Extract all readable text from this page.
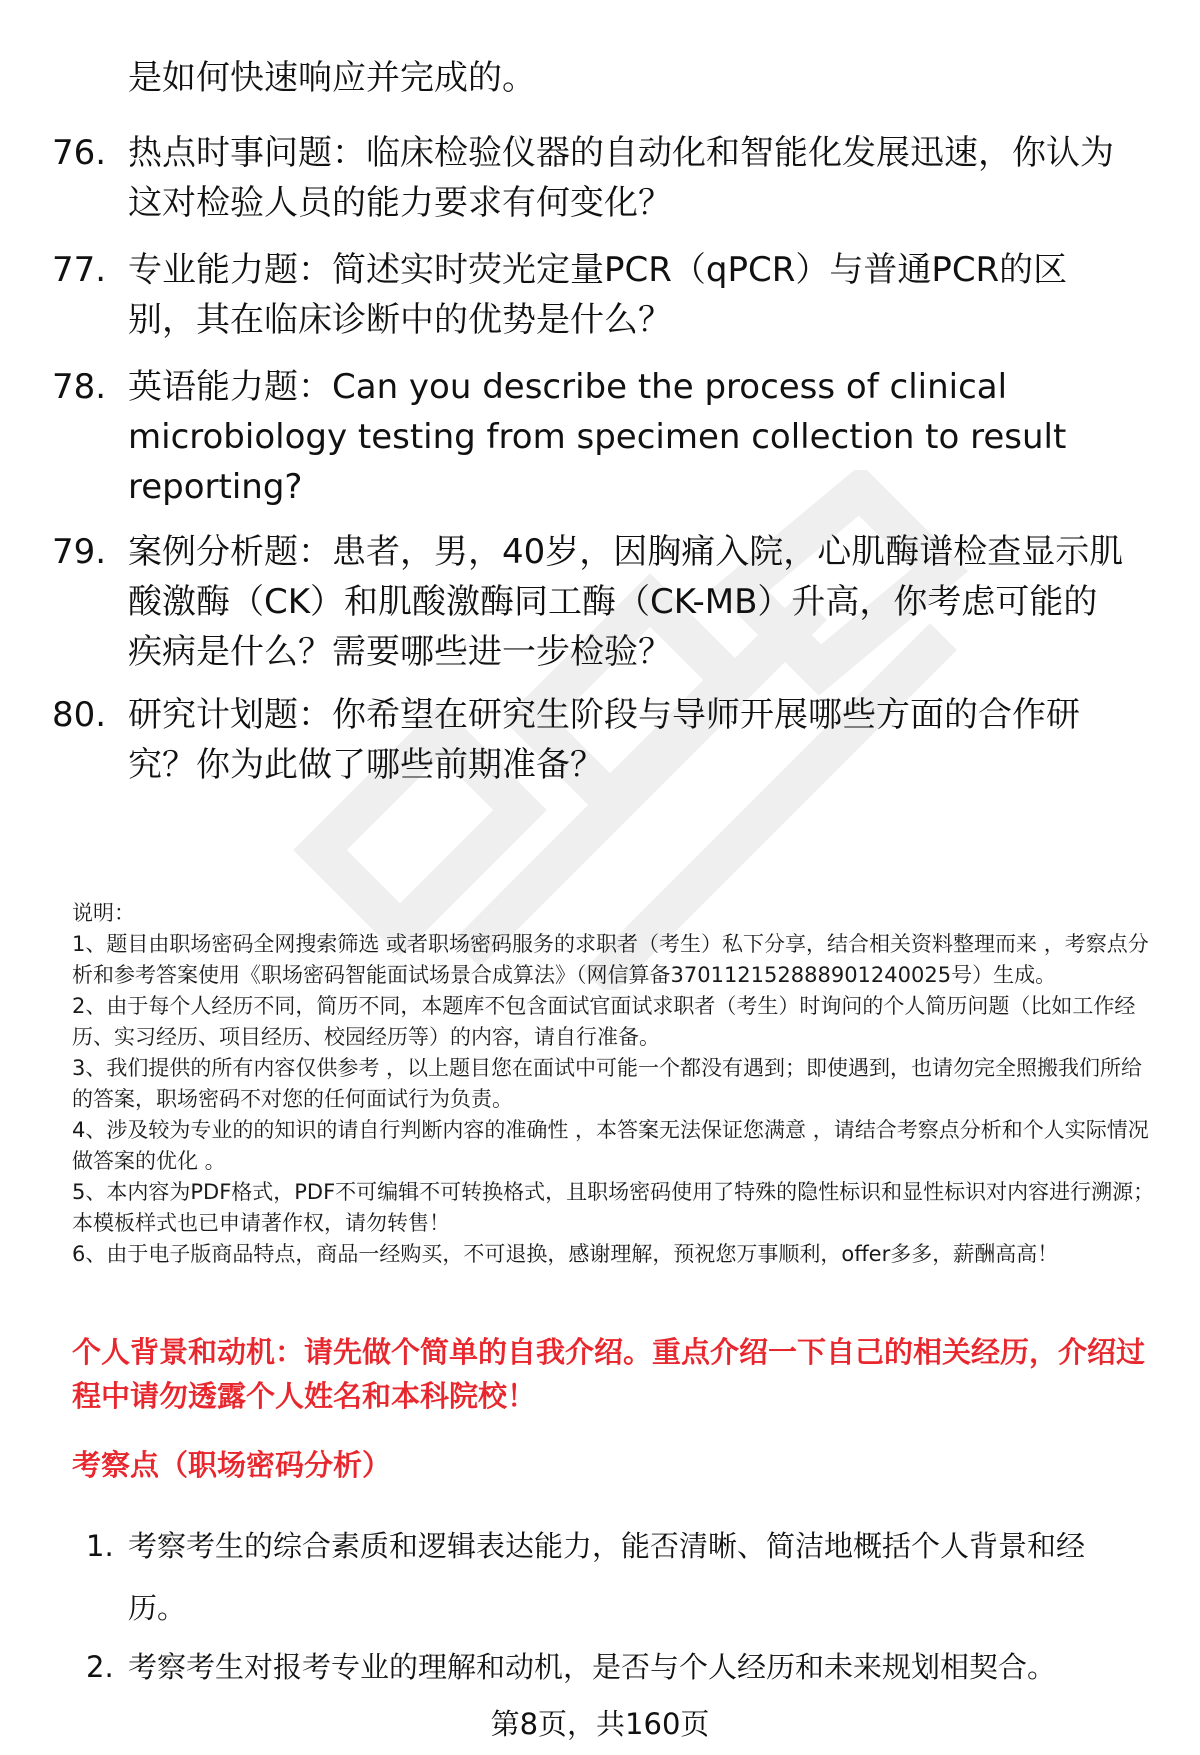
是如何快速响应并完成的。
76. 热点时事问题：临床检验仪器的自动化和智能化发展迅速，你认为这对检验人员的能力要求有何变化？
77. 专业能力题：简述实时荧光定量PCR（qPCR）与普通PCR的区别，其在临床诊断中的优势是什么？
78. 英语能力题：Can you describe the process of clinical microbiology testing from specimen collection to result reporting?
79. 案例分析题：患者，男，40岁，因胸痛入院，心肌酶谱检查显示肌酸激酶（CK）和肌酸激酶同工酶（CK-MB）升高，你考虑可能的疾病是什么？需要哪些进一步检验？
80. 研究计划题：你希望在研究生阶段与导师开展哪些方面的合作研究？你为此做了哪些前期准备？

说明：

1、题目由职场密码全网搜索筛选 或者职场密码服务的求职者（考生）私下分享，结合相关资料整理而来 ，考察点分析和参考答案使用《职场密码智能面试场景合成算法》（网信算备370112152888901240025号）生成。

2、由于每个人经历不同，简历不同，本题库不包含面试官面试求职者（考生）时询问的个人简历问题（比如工作经历、实习经历、项目经历、校园经历等）的内容，请自行准备。

3、我们提供的所有内容仅供参考 ，以上题目您在面试中可能一个都没有遇到；即使遇到，也请勿完全照搬我们所给的答案，职场密码不对您的任何面试行为负责。

4、涉及较为专业的的知识的请自行判断内容的准确性 ，本答案无法保证您满意 ，请结合考察点分析和个人实际情况做答案的优化 。

5、本内容为PDF格式，PDF不可编辑不可转换格式，且职场密码使用了特殊的隐性标识和显性标识对内容进行溯源；本模板样式也已申请著作权，请勿转售！

6、由于电子版商品特点，商品一经购买，不可退换，感谢理解，预祝您万事顺利，offer多多，薪酬高高！

个人背景和动机：请先做个简单的自我介绍。重点介绍一下自己的相关经历，介绍过程中请勿透露个人姓名和本科院校！
考察点（职场密码分析）
1. 考察考生的综合素质和逻辑表达能力，能否清晰、简洁地概括个人背景和经历。
2. 考察考生对报考专业的理解和动机，是否与个人经历和未来规划相契合。
第8页，共160页
